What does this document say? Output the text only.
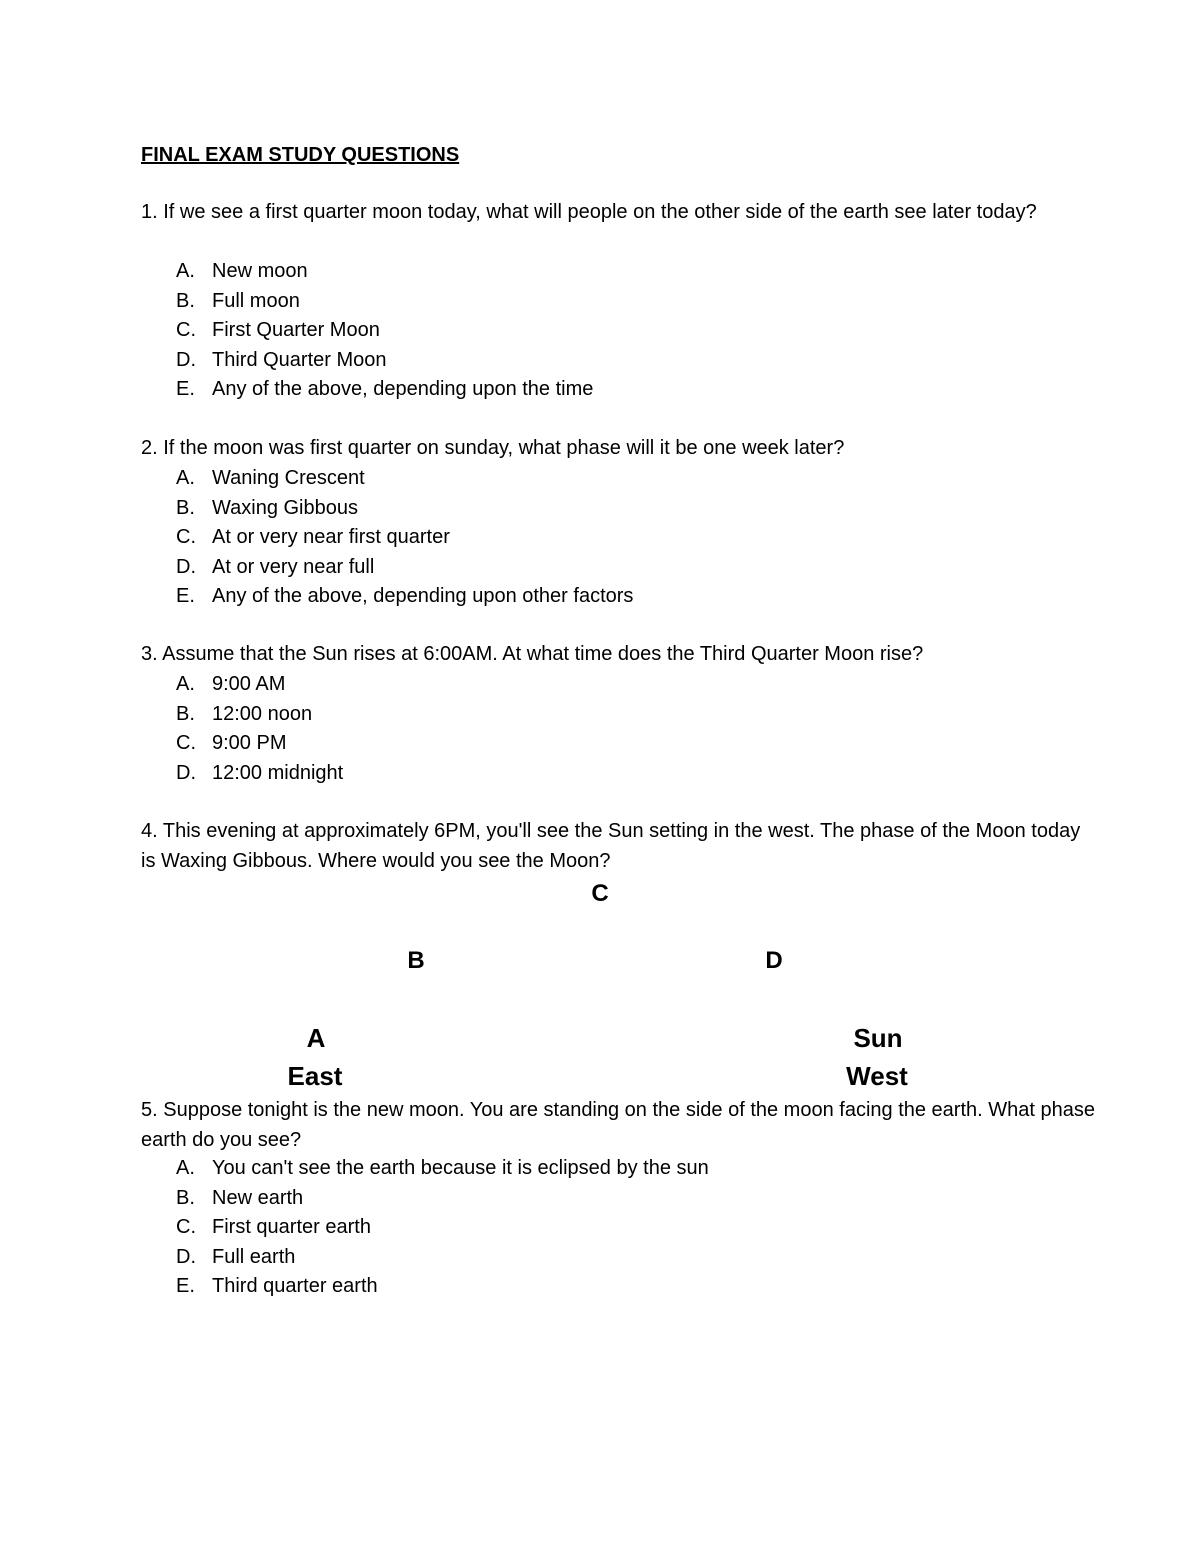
FINAL EXAM STUDY QUESTIONS
1. If we see a first quarter moon today, what will people on the other side of the earth see later today?
A. New moon
B. Full moon
C. First Quarter Moon
D. Third Quarter Moon
E. Any of the above, depending upon the time
2. If the moon was first quarter on sunday, what phase will it be one week later?
A. Waning Crescent
B. Waxing Gibbous
C. At or very near first quarter
D. At or very near full
E. Any of the above, depending upon other factors
3. Assume that the Sun rises at 6:00AM. At what time does the Third Quarter Moon rise?
A. 9:00 AM
B. 12:00 noon
C. 9:00 PM
D. 12:00 midnight
4. This evening at approximately 6PM, you'll see the Sun setting in the west. The phase of the Moon today is Waxing Gibbous. Where would you see the Moon?
C
B	D
A	Sun
East	West
5. Suppose tonight is the new moon. You are standing on the side of the moon facing the earth. What phase earth do you see?
A. You can't see the earth because it is eclipsed by the sun
B. New earth
C. First quarter earth
D. Full earth
E. Third quarter earth
